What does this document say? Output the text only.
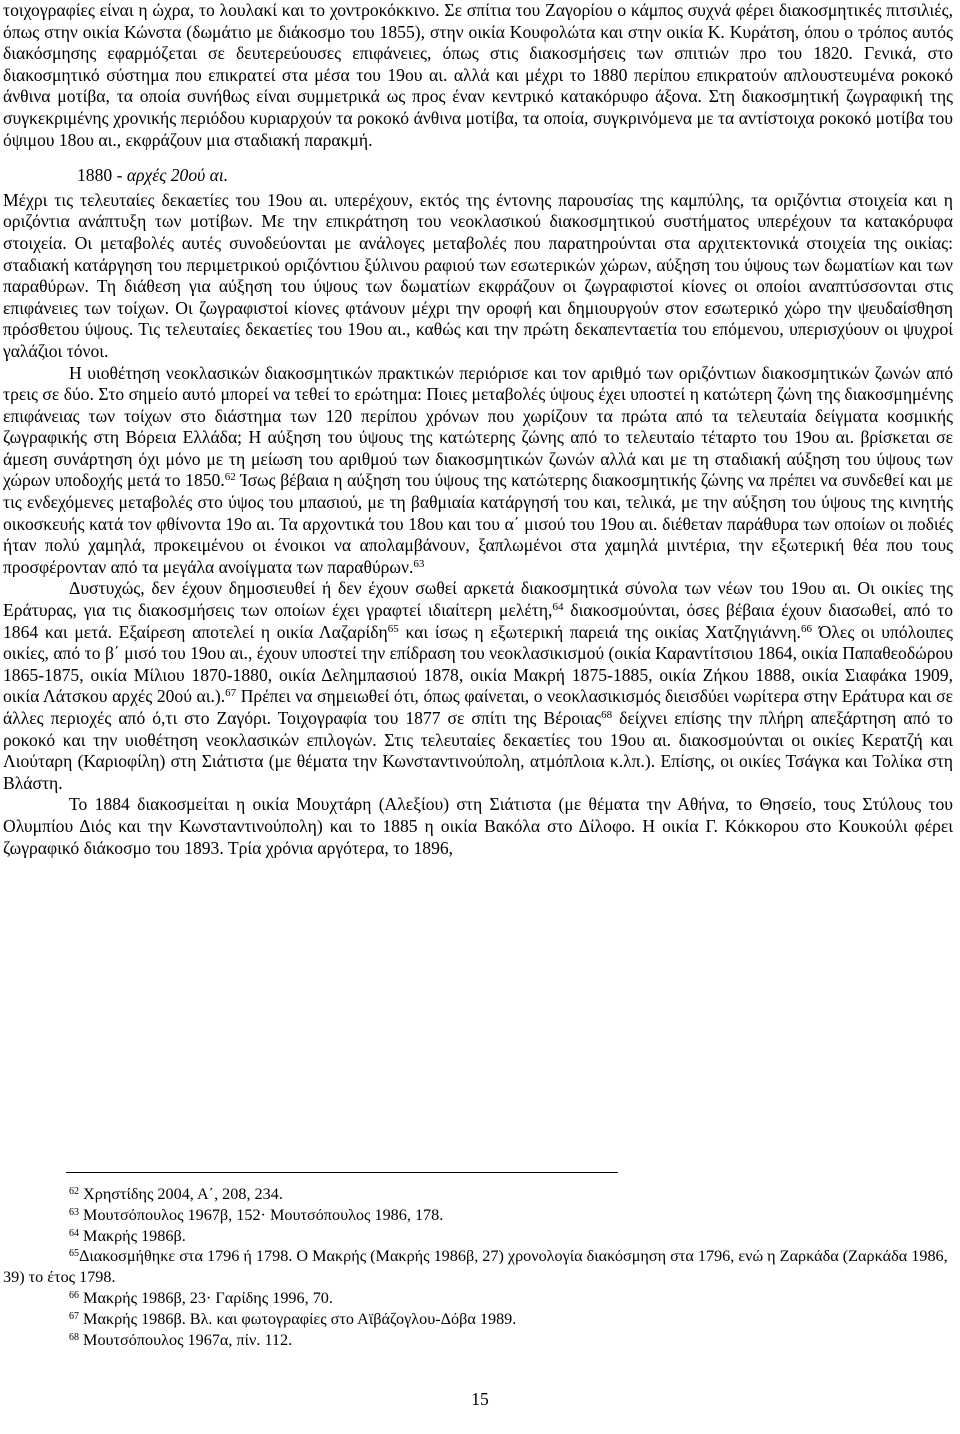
τοιχογραφίες είναι η ώχρα, το λουλακί και το χοντροκόκκινο. Σε σπίτια του Ζαγορίου ο κάμπος συχνά φέρει διακοσμητικές πιτσιλιές, όπως στην οικία Κώνστα (δωμάτιο με διάκοσμο του 1855), στην οικία Κουφολώτα και στην οικία Κ. Κυράτση, όπου ο τρόπος αυτός διακόσμησης εφαρμόζεται σε δευτερεύουσες επιφάνειες, όπως στις διακοσμήσεις των σπιτιών προ του 1820. Γενικά, στο διακοσμητικό σύστημα που επικρατεί στα μέσα του 19ου αι. αλλά και μέχρι το 1880 περίπου επικρατούν απλουστευμένα ροκοκό άνθινα μοτίβα, τα οποία συνήθως είναι συμμετρικά ως προς έναν κεντρικό κατακόρυφο άξονα. Στη διακοσμητική ζωγραφική της συγκεκριμένης χρονικής περιόδου κυριαρχούν τα ροκοκό άνθινα μοτίβα, τα οποία, συγκρινόμενα με τα αντίστοιχα ροκοκό μοτίβα του όψιμου 18ου αι., εκφράζουν μια σταδιακή παρακμή.

1880 - αρχές 20ού αι.

Μέχρι τις τελευταίες δεκαετίες του 19ου αι. υπερέχουν, εκτός της έντονης παρουσίας της καμπύλης, τα οριζόντια στοιχεία και η οριζόντια ανάπτυξη των μοτίβων. Με την επικράτηση του νεοκλασικού διακοσμητικού συστήματος υπερέχουν τα κατακόρυφα στοιχεία. Οι μεταβολές αυτές συνοδεύονται με ανάλογες μεταβολές που παρατηρούνται στα αρχιτεκτονικά στοιχεία της οικίας: σταδιακή κατάργηση του περιμετρικού οριζόντιου ξύλινου ραφιού των εσωτερικών χώρων, αύξηση του ύψους των δωματίων και των παραθύρων. Τη διάθεση για αύξηση του ύψους των δωματίων εκφράζουν οι ζωγραφιστοί κίονες οι οποίοι αναπτύσσονται στις επιφάνειες των τοίχων. Οι ζωγραφιστοί κίονες φτάνουν μέχρι την οροφή και δημιουργούν στον εσωτερικό χώρο την ψευδαίσθηση πρόσθετου ύψους. Τις τελευταίες δεκαετίες του 19ου αι., καθώς και την πρώτη δεκαπενταετία του επόμενου, υπερισχύουν οι ψυχροί γαλάζιοι τόνοι.

Η υιοθέτηση νεοκλασικών διακοσμητικών πρακτικών περιόρισε και τον αριθμό των οριζόντιων διακοσμητικών ζωνών από τρεις σε δύο. Στο σημείο αυτό μπορεί να τεθεί το ερώτημα: Ποιες μεταβολές ύψους έχει υποστεί η κατώτερη ζώνη της διακοσμημένης επιφάνειας των τοίχων στο διάστημα των 120 περίπου χρόνων που χωρίζουν τα πρώτα από τα τελευταία δείγματα κοσμικής ζωγραφικής στη Βόρεια Ελλάδα; Η αύξηση του ύψους της κατώτερης ζώνης από το τελευταίο τέταρτο του 19ου αι. βρίσκεται σε άμεση συνάρτηση όχι μόνο με τη μείωση του αριθμού των διακοσμητικών ζωνών αλλά και με τη σταδιακή αύξηση του ύψους των χώρων υποδοχής μετά το 1850.62 Ίσως βέβαια η αύξηση του ύψους της κατώτερης διακοσμητικής ζώνης να πρέπει να συνδεθεί και με τις ενδεχόμενες μεταβολές στο ύψος του μπασιού, με τη βαθμιαία κατάργησή του και, τελικά, με την αύξηση του ύψους της κινητής οικοσκευής κατά τον φθίνοντα 19ο αι. Τα αρχοντικά του 18ου και του α΄ μισού του 19ου αι. διέθεταν παράθυρα των οποίων οι ποδιές ήταν πολύ χαμηλά, προκειμένου οι ένοικοι να απολαμβάνουν, ξαπλωμένοι στα χαμηλά μιντέρια, την εξωτερική θέα που τους προσφέρονταν από τα μεγάλα ανοίγματα των παραθύρων.$^{63}$

Δυστυχώς, δεν έχουν δημοσιευθεί ή δεν έχουν σωθεί αρκετά διακοσμητικά σύνολα των νέων του 19ου αι. Οι οικίες της Εράτυρας, για τις διακοσμήσεις των οποίων έχει γραφτεί ιδιαίτερη μελέτη,$^{64}$ διακοσμούνται, όσες βέβαια έχουν διασωθεί, από το 1864 και μετά. Εξαίρεση αποτελεί η οικία Λαζαρίδη$^{65}$ και ίσως η εξωτερική παρειά της οικίας Χατζηγιάννη.$^{66}$ Όλες οι υπόλοιπες οικίες, από το β΄ μισό του 19ου αι., έχουν υποστεί την επίδραση του νεοκλασικισμού (οικία Καραντίτσιου 1864, οικία Παπαθεοδώρου 1865-1875, οικία Μίλιου 1870-1880, οικία Δελημπασιού 1878, οικία Μακρή 1875-1885, οικία Ζήκου 1888, οικία Σιαφάκα 1909, οικία Λάτσκου αρχές 20ού αι.).$^{67}$ Πρέπει να σημειωθεί ότι, όπως φαίνεται, ο νεοκλασικισμός διεισδύει νωρίτερα στην Εράτυρα και σε άλλες περιοχές από ό,τι στο Ζαγόρι. Τοιχογραφία του 1877 σε σπίτι της Βέροιας$^{68}$ δείχνει επίσης την πλήρη απεξάρτηση από το ροκοκό και την υιοθέτηση νεοκλασικών επιλογών. Στις τελευταίες δεκαετίες του 19ου αι. διακοσμούνται οι οικίες Κερατζή και Λιούταρη (Καριοφίλη) στη Σιάτιστα (με θέματα την Κωνσταντινούπολη, ατμόπλοια κ.λπ.). Επίσης, οι οικίες Τσάγκα και Τολίκα στη Βλάστη.

Το 1884 διακοσμείται η οικία Μουχτάρη (Αλεξίου) στη Σιάτιστα (με θέματα την Αθήνα, το Θησείο, τους Στύλους του Ολυμπίου Διός και την Κωνσταντινούπολη) και το 1885 η οικία Βακόλα στο Δίλοφο. Η οικία Γ. Κόκκορου στο Κουκούλι φέρει ζωγραφικό διάκοσμο του 1893. Τρία χρόνια αργότερα, το 1896,

$^{62}$ Χρηστίδης 2004, Α΄, 208, 234.

$^{63}$ Μουτσόπουλος 1967β, 152· Μουτσόπουλος 1986, 178.

$^{64}$ Μακρής 1986β.

$^{65}$Διακοσμήθηκε στα 1796 ή 1798. Ο Μακρής (Μακρής 1986β, 27) χρονολογία διακόσμηση στα 1796, ενώ η Ζαρκάδα (Ζαρκάδα 1986, 39) το έτος 1798.

$^{66}$ Μακρής 1986β, 23· Γαρίδης 1996, 70.

$^{67}$ Μακρής 1986β. Βλ. και φωτογραφίες στο Αϊβάζογλου-Δόβα 1989.

$^{68}$ Μουτσόπουλος 1967α, πίν. 112.

15
